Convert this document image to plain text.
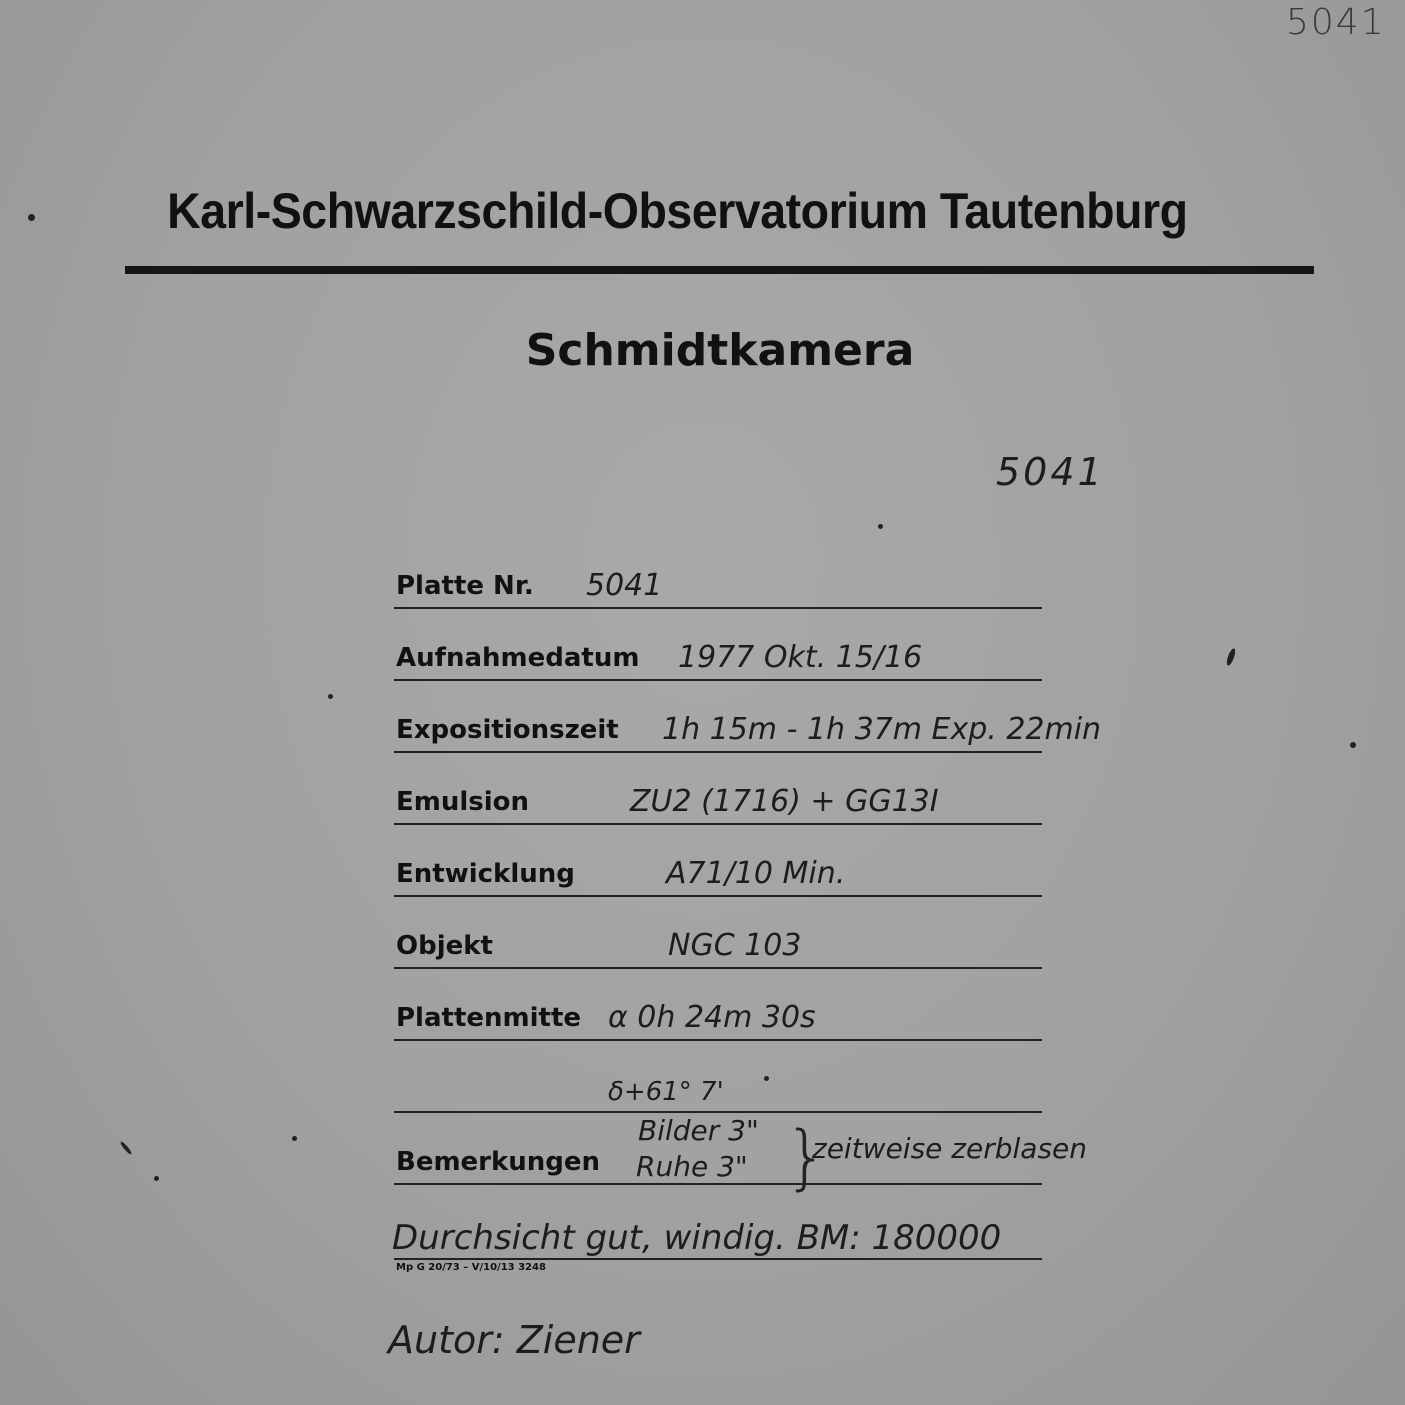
5041
Karl-Schwarzschild-Observatorium Tautenburg
Schmidtkamera
5041
Platte Nr. 5041
Aufnahmedatum 1977 Okt. 15/16
Expositionszeit 1h 15m - 1h 37m Exp. 22min
Emulsion	ZU2 (1716) + GG13I
Entwicklung	A71/10 Min.
Objekt	NGC 103
Plattenmitte α 0h 24m 30s
δ+61° 7'
Bemerkungen
Bilder 3"
Ruhe 3" }
zeitweise zerblasen
Durchsicht gut, windig. BM: 180000
Mp G 20/73 – V/10/13 3248
Autor: Ziener
